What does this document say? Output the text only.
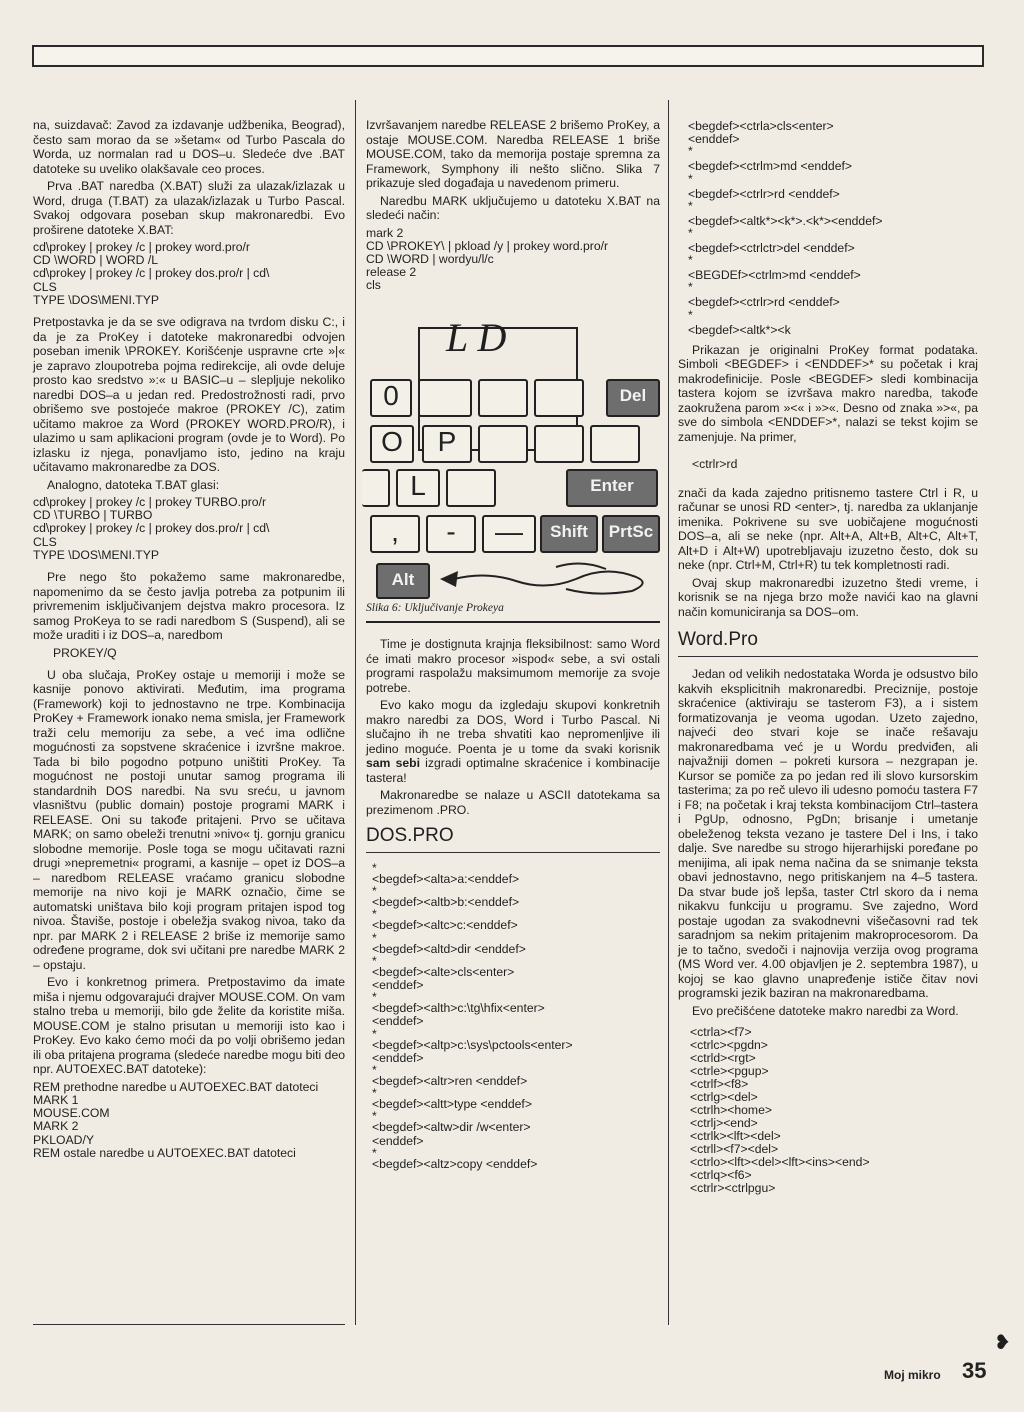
na, suizdavač: Zavod za izdavanje udžbenika, Beograd), često sam morao da se »šetam« od Turbo Pascala do Worda, uz normalan rad u DOS–u. Sledeće dve .BAT datoteke su uveliko olakšavale ceo proces.

Prva .BAT naredba (X.BAT) služi za ulazak/izlazak u Word, druga (T.BAT) za ulazak/izlazak u Turbo Pascal. Svakoj odgovara poseban skup makronaredbi. Evo proširene datoteke X.BAT:

cd\prokey | prokey /c | prokey word.pro/r
CD \WORD | WORD /L
cd\prokey | prokey /c | prokey dos.pro/r | cd\
CLS
TYPE \DOS\MENI.TYP

Pretpostavka je da se sve odigrava na tvrdom disku C:, i da je za ProKey i datoteke makronaredbi odvojen poseban imenik \PROKEY. Korišćenje uspravne crte »|« je zapravo zloupotreba pojma redirekcije, ali ovde deluje prosto kao sredstvo »:« u BASIC–u – slepljuje nekoliko naredbi DOS–a u jedan red. Predostrožnosti radi, prvo obrišemo sve postojeće makroe (PROKEY /C), zatim učitamo makroe za Word (PROKEY WORD.PRO/R), i ulazimo u sam aplikacioni program (ovde je to Word). Po izlasku iz njega, ponavljamo isto, jedino na kraju učitavamo makronaredbe za DOS.

Analogno, datoteka T.BAT glasi:

cd\prokey | prokey /c | prokey TURBO.pro/r
CD \TURBO | TURBO
cd\prokey | prokey /c | prokey dos.pro/r | cd\
CLS
TYPE \DOS\MENI.TYP

Pre nego što pokažemo same makronaredbe, napomenimo da se često javlja potreba za potpunim ili privremenim isključivanjem dejstva makro procesora. Iz samog ProKeya to se radi naredbom S (Suspend), ali se može uraditi i iz DOS–a, naredbom

PROKEY/Q

U oba slučaja, ProKey ostaje u memoriji i može se kasnije ponovo aktivirati. Međutim, ima programa (Framework) koji to jednostavno ne trpe. Kombinacija ProKey + Framework ionako nema smisla, jer Framework traži celu memoriju za sebe, a već ima odlične mogućnosti za sopstvene skraćenice i izvršne makroe. Tada bi bilo pogodno potpuno uništiti ProKey. Ta mogućnost ne postoji unutar samog programa ili standardnih DOS naredbi. Na svu sreću, u javnom vlasništvu (public domain) postoje programi MARK i RELEASE. Oni su takođe pritajeni. Prvo se učitava MARK; on samo obeleži trenutni »nivo« tj. gornju granicu slobodne memorije. Posle toga se mogu učitavati razni drugi »nepremetni« programi, a kasnije – opet iz DOS–a – naredbom RELEASE vraćamo granicu slobodne memorije na nivo koji je MARK označio, čime se automatski uništava bilo koji program pritajen ispod tog nivoa. Štaviše, postoje i obeležja svakog nivoa, tako da npr. par MARK 2 i RELEASE 2 briše iz memorije samo određene programe, dok svi učitani pre naredbe MARK 2 – opstaju.

Evo i konkretnog primera. Pretpostavimo da imate miša i njemu odgovarajući drajver MOUSE.COM. On vam stalno treba u memoriji, bilo gde želite da koristite miša. MOUSE.COM je stalno prisutan u memoriji isto kao i ProKey. Evo kako ćemo moći da po volji obrišemo jedan ili oba pritajena programa (sledeće naredbe mogu biti deo npr. AUTOEXEC.BAT datoteke):

REM prethodne naredbe u AUTOEXEC.BAT datoteci
MARK 1
MOUSE.COM
MARK 2
PKLOAD/Y
REM ostale naredbe u AUTOEXEC.BAT datoteci

Izvršavanjem naredbe RELEASE 2 brišemo ProKey, a ostaje MOUSE.COM. Naredba RELEASE 1 briše MOUSE.COM, tako da memorija postaje spremna za Framework, Symphony ili nešto slično. Slika 7 prikazuje sled događaja u navedenom primeru.

Naredbu MARK uključujemo u datoteku X.BAT na sledeći način:

mark 2
CD \PROKEY\ | pkload /y | prokey word.pro/r
CD \WORD | wordyu/l/c
release 2
cls
L D
0	Del
O	P
L	Enter
,	-	—	Shift	PrtSc
Alt

Slika 6: Uključivanje Prokeya

Time je dostignuta krajnja fleksibilnost: samo Word će imati makro procesor »ispod« sebe, a svi ostali programi raspolažu maksimumom memorije za svoje potrebe.

Evo kako mogu da izgledaju skupovi konkretnih makro naredbi za DOS, Word i Turbo Pascal. Ni slučajno ih ne treba shvatiti kao nepromenljive ili jedino moguće. Poenta je u tome da svaki korisnik sam sebi izgradi optimalne skraćenice i kombinacije tastera!

Makronaredbe se nalaze u ASCII datotekama sa prezimenom .PRO.

DOS.PRO
*
<begdef><alta>a:<enddef>
*
<begdef><altb>b:<enddef>
*
<begdef><altc>c:<enddef>
*
<begdef><altd>dir <enddef>
*
<begdef><alte>cls<enter>
<enddef>
*
<begdef><alth>c:\tg\hfix<enter>
<enddef>
*
<begdef><altp>c:\sys\pctools<enter>
<enddef>
*
<begdef><altr>ren <enddef>
*
<begdef><altt>type <enddef>
*
<begdef><altw>dir /w<enter>
<enddef>
*
<begdef><altz>copy <enddef>
<begdef><ctrla>cls<enter>
<enddef>
*
<begdef><ctrlm>md <enddef>
*
<begdef><ctrlr>rd <enddef>
*
<begdef><altk*><k*>.<k*><enddef>
*
<begdef><ctrlctr>del <enddef>
*
<BEGDEf><ctrlm>md <enddef>
*
<begdef><ctrlr>rd <enddef>
*
<begdef><altk*><k

Prikazan je originalni ProKey format podataka. Simboli <BEGDEF> i <ENDDEF>* su početak i kraj makrodefinicije. Posle <BEGDEF> sledi kombinacija tastera kojom se izvršava makro naredba, takođe zaokružena parom »<« i »>«. Desno od znaka »>«, pa sve do simbola <ENDDEF>*, nalazi se tekst kojim se zamenjuje. Na primer,

<ctrlr>rd

znači da kada zajedno pritisnemo tastere Ctrl i R, u računar se unosi RD <enter>, tj. naredba za uklanjanje imenika. Pokrivene su sve uobičajene mogućnosti DOS–a, ali se neke (npr. Alt+A, Alt+B, Alt+C, Alt+T, Alt+D i Alt+W) upotrebljavaju izuzetno često, dok su neke (npr. Ctrl+M, Ctrl+R) tu tek kompletnosti radi.

Ovaj skup makronaredbi izuzetno štedi vreme, i korisnik se na njega brzo može navići kao na glavni način komuniciranja sa DOS–om.

Word.Pro

Jedan od velikih nedostataka Worda je odsustvo bilo kakvih eksplicitnih makronaredbi. Preciznije, postoje skraćenice (aktiviraju se tasterom F3), a i sistem formatizovanja je veoma ugodan. Uzeto zajedno, najveći deo stvari koje se inače rešavaju makronaredbama već je u Wordu predviđen, ali najvažniji domen – pokreti kursora – nezgrapan je. Kursor se pomiče za po jedan red ili slovo kursorskim tasterima; za po reč ulevo ili udesno pomoću tastera F7 i F8; na početak i kraj teksta kombinacijom Ctrl–tastera i PgUp, odnosno, PgDn; brisanje i umetanje obeleženog teksta vezano je tastere Del i Ins, i tako dalje. Sve naredbe su strogo hijerarhijski poređane po menijima, ali ipak nema načina da se snimanje teksta obavi jednostavno, nego pritiskanjem na 4–5 tastera. Da stvar bude još lepša, taster Ctrl skoro da i nema nikakvu funkciju u programu. Sve zajedno, Word postaje ugodan za svakodnevni višečasovni rad tek saradnjom sa nekim pritajenim makroprocesorom. Da je to tačno, svedoči i najnovija verzija ovog programa (MS Word ver. 4.00 objavljen je 2. septembra 1987), u kojoj se kao glavno unapređenje ističe čitav novi programski jezik baziran na makronaredbama.

Evo prečišćene datoteke makro naredbi za Word.

<ctrla><f7>
<ctrlc><pgdn>
<ctrld><rgt>
<ctrle><pgup>
<ctrlf><f8>
<ctrlg><del>
<ctrlh><home>
<ctrlj><end>
<ctrlk><lft><del>
<ctrll><f7><del>
<ctrlo><lft><del><lft><ins><end>
<ctrlq><f6>
<ctrlr><ctrlpgu>
❥
Moj mikro 35
